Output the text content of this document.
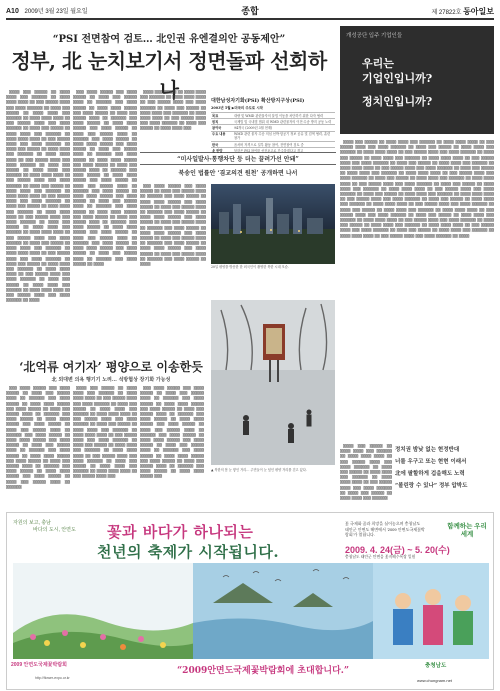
A10 2009년 3월 23일 월요일	종합	제 27822호 동아일보
“PSI 전면참여 검토… 北인권 유엔결의안 공동제안”
정부, 北 눈치보기서 정면돌파 선회하나

▒▒▒▒ ▒▒▒ ▒▒▒▒▒ ▒▒ ▒▒▒▒ ▒▒▒▒ ▒▒▒ ▒▒▒▒▒▒ ▒▒ ▒▒▒▒ ▒▒▒▒ ▒▒▒▒ ▒▒ ▒▒▒ ▒▒▒▒▒ ▒▒▒▒ ▒▒▒ ▒▒▒▒ ▒▒▒▒▒▒ ▒▒ ▒▒▒▒ ▒▒▒ ▒▒▒▒▒ ▒▒ ▒▒▒▒ ▒▒▒▒ ▒▒▒ ▒▒▒▒▒▒ ▒▒ ▒▒▒▒ ▒▒▒▒ ▒▒▒▒ ▒▒ ▒▒▒ ▒▒▒▒▒ ▒▒▒▒ ▒▒▒ ▒▒▒▒ ▒▒▒▒▒▒ ▒▒ ▒▒▒▒ ▒▒▒ ▒▒▒▒▒ ▒▒ ▒▒▒▒ ▒▒▒▒ ▒▒▒ ▒▒▒▒▒▒ ▒▒ ▒▒▒▒ ▒▒▒▒ ▒▒▒▒ ▒▒ ▒▒▒ ▒▒▒▒▒ ▒▒▒▒ ▒▒▒ ▒▒▒▒ ▒▒▒▒▒▒ ▒▒ ▒▒▒▒ ▒▒▒ ▒▒▒▒▒ ▒▒ ▒▒▒▒ ▒▒▒▒ ▒▒▒ ▒▒▒▒▒▒ ▒▒ ▒▒▒▒ ▒▒▒▒ ▒▒▒▒ ▒▒ ▒▒▒ ▒▒▒▒▒ ▒▒▒▒ ▒▒▒ ▒▒▒▒ ▒▒▒▒▒▒ ▒▒ ▒▒▒▒ ▒▒▒ ▒▒▒▒▒ ▒▒ ▒▒▒▒ ▒▒▒▒ ▒▒▒ ▒▒▒▒▒▒ ▒▒ ▒▒▒▒ ▒▒▒▒ ▒▒▒▒ ▒▒ ▒▒▒ ▒▒▒▒▒ ▒▒▒▒ ▒▒▒ ▒▒▒▒ ▒▒▒▒▒▒ ▒▒ ▒▒▒▒ ▒▒▒ ▒▒▒▒▒ ▒▒ ▒▒▒▒ ▒▒▒▒ ▒▒▒ ▒▒▒▒▒▒ ▒▒ ▒▒▒▒ ▒▒▒▒ ▒▒▒▒ ▒▒ ▒▒▒ ▒▒▒▒▒ ▒▒▒▒ ▒▒▒ ▒▒▒▒ ▒▒▒▒▒▒ ▒▒ ▒▒▒▒ ▒▒▒ ▒▒▒▒▒ ▒▒ ▒▒▒▒ ▒▒▒▒ ▒▒▒ ▒▒▒▒▒▒ ▒▒ ▒▒▒▒ ▒▒▒▒ ▒▒▒▒ ▒▒ ▒▒▒ ▒▒▒▒▒ ▒▒▒▒ ▒▒▒ ▒▒▒▒ ▒▒▒▒▒▒ ▒▒ ▒▒▒▒ ▒▒▒ ▒▒▒▒▒ ▒▒ ▒▒▒▒ ▒▒▒▒ ▒▒▒ ▒▒▒▒▒▒ ▒▒ ▒▒▒▒ ▒▒▒▒ ▒▒▒▒ ▒▒ ▒▒▒ ▒▒▒▒▒ ▒▒▒▒ ▒▒▒ ▒▒▒▒ ▒▒▒▒▒▒ ▒▒ ▒▒▒▒ ▒▒▒ ▒▒▒▒▒ ▒▒ ▒▒▒▒ ▒▒▒▒ ▒▒▒ ▒▒▒▒▒▒ ▒▒ ▒▒▒▒ ▒▒▒▒ ▒▒▒▒ ▒▒ ▒▒▒ ▒▒▒▒▒ ▒▒▒▒ ▒▒▒ ▒▒▒▒ ▒▒▒▒▒▒ ▒▒ ▒▒▒▒ ▒▒▒ ▒▒▒▒▒ ▒▒ ▒▒▒▒ ▒▒▒▒ ▒▒▒ ▒▒▒▒▒▒ ▒▒ ▒▒▒▒ ▒▒▒▒ ▒▒▒▒ ▒▒ ▒▒▒ ▒▒▒▒▒ ▒▒▒▒ ▒▒▒ ▒▒▒▒ ▒▒▒▒▒▒ ▒▒ ▒▒▒▒ ▒▒▒ ▒▒▒▒▒ ▒▒ ▒▒▒▒ ▒▒▒▒ ▒▒▒ ▒▒▒▒▒▒ ▒▒ ▒▒▒▒ ▒▒▒▒ ▒▒▒▒ ▒▒ ▒▒▒ ▒▒▒▒▒ ▒▒▒▒ ▒▒▒ ▒▒▒▒ ▒▒▒▒▒▒ ▒▒ ▒▒▒▒

▒▒▒ ▒▒▒▒ ▒▒▒▒▒ ▒▒▒ ▒▒▒▒ ▒▒▒▒▒ ▒▒ ▒▒▒▒ ▒▒▒ ▒▒▒▒▒ ▒▒▒▒ ▒▒ ▒▒▒▒▒▒ ▒▒▒ ▒▒▒▒ ▒▒▒▒▒ ▒▒ ▒▒▒▒ ▒▒▒▒ ▒▒▒▒▒ ▒▒▒ ▒▒▒▒ ▒▒▒▒▒ ▒▒ ▒▒▒▒ ▒▒▒ ▒▒▒▒▒ ▒▒▒▒ ▒▒ ▒▒▒▒▒▒ ▒▒▒ ▒▒▒▒ ▒▒▒▒▒ ▒▒ ▒▒▒▒ ▒▒▒▒ ▒▒▒▒▒ ▒▒▒ ▒▒▒▒ ▒▒▒▒▒ ▒▒ ▒▒▒▒ ▒▒▒ ▒▒▒▒▒ ▒▒▒▒ ▒▒ ▒▒▒▒▒▒ ▒▒▒ ▒▒▒▒ ▒▒▒▒▒ ▒▒ ▒▒▒▒ ▒▒▒▒ ▒▒▒▒▒ ▒▒▒ ▒▒▒▒ ▒▒▒▒▒ ▒▒ ▒▒▒▒ ▒▒▒ ▒▒▒▒▒ ▒▒▒▒ ▒▒ ▒▒▒▒▒▒ ▒▒▒ ▒▒▒▒ ▒▒▒▒▒ ▒▒ ▒▒▒▒ ▒▒▒▒ ▒▒▒▒▒ ▒▒▒ ▒▒▒▒ ▒▒▒▒▒ ▒▒ ▒▒▒▒ ▒▒▒ ▒▒▒▒▒ ▒▒▒▒ ▒▒ ▒▒▒▒▒▒ ▒▒▒ ▒▒▒▒ ▒▒▒▒▒ ▒▒ ▒▒▒▒ ▒▒▒▒ ▒▒▒▒▒ ▒▒▒ ▒▒▒▒ ▒▒▒▒▒ ▒▒ ▒▒▒▒ ▒▒▒ ▒▒▒▒▒ ▒▒▒▒ ▒▒ ▒▒▒▒▒▒ ▒▒▒ ▒▒▒▒ ▒▒▒▒▒ ▒▒ ▒▒▒▒ ▒▒▒▒ ▒▒▒▒▒ ▒▒▒ ▒▒▒▒ ▒▒▒▒▒ ▒▒ ▒▒▒▒ ▒▒▒ ▒▒▒▒▒ ▒▒▒▒ ▒▒ ▒▒▒▒▒▒ ▒▒▒ ▒▒▒▒ ▒▒▒▒▒ ▒▒ ▒▒▒▒ ▒▒▒▒ ▒▒▒▒▒ ▒▒▒ ▒▒▒▒ ▒▒▒▒▒ ▒▒ ▒▒▒▒ ▒▒▒ ▒▒▒▒▒ ▒▒▒▒ ▒▒ ▒▒▒▒▒▒ ▒▒▒ ▒▒▒▒ ▒▒▒▒▒ ▒▒ ▒▒▒▒ ▒▒▒▒ ▒▒▒▒▒ ▒▒▒ ▒▒▒▒ ▒▒▒▒▒ ▒▒ ▒▒▒▒ ▒▒▒ ▒▒▒▒▒ ▒▒▒▒ ▒▒ ▒▒▒▒▒▒ ▒▒▒ ▒▒▒▒ ▒▒▒▒▒ ▒▒ ▒▒▒▒ ▒▒▒▒ ▒▒▒▒▒ ▒▒▒ ▒▒▒▒ ▒▒▒▒▒ ▒▒ ▒▒▒▒ ▒▒▒ ▒▒▒▒▒ ▒▒▒▒ ▒▒ ▒▒▒▒▒▒ ▒▒▒ ▒▒▒▒ ▒▒▒▒▒ ▒▒ ▒▒▒▒

▒▒▒▒ ▒▒▒ ▒▒▒▒▒ ▒▒ ▒▒▒▒ ▒▒▒▒ ▒▒▒ ▒▒▒▒▒▒ ▒▒ ▒▒▒▒ ▒▒▒▒ ▒▒▒▒ ▒▒ ▒▒▒ ▒▒▒▒▒ ▒▒▒▒ ▒▒▒ ▒▒▒▒ ▒▒▒▒▒▒ ▒▒ ▒▒▒▒ ▒▒▒ ▒▒▒▒▒ ▒▒ ▒▒▒▒ ▒▒▒▒ ▒▒▒ ▒▒▒▒▒▒ ▒▒ ▒▒▒▒ ▒▒▒▒ ▒▒▒▒ ▒▒ ▒▒▒ ▒▒▒▒▒ ▒▒▒▒ ▒▒▒ ▒▒▒▒ ▒▒▒▒▒▒ ▒▒ ▒▒▒▒ ▒▒▒ ▒▒▒▒▒ ▒▒ ▒▒▒▒ ▒▒▒▒ ▒▒▒

“미사일발사·통행차단 등 더는 끌려가선 안돼”
북송인 법률안 ‘겸교의견 원천’ 공개하면 나서

▒▒▒ ▒▒▒▒ ▒▒▒▒▒ ▒▒▒ ▒▒▒▒ ▒▒▒▒▒ ▒▒ ▒▒▒▒ ▒▒▒ ▒▒▒▒▒ ▒▒▒▒ ▒▒ ▒▒▒▒▒▒ ▒▒▒ ▒▒▒▒ ▒▒▒▒▒ ▒▒ ▒▒▒▒ ▒▒▒▒ ▒▒▒▒▒ ▒▒▒ ▒▒▒▒ ▒▒▒▒▒ ▒▒ ▒▒▒▒ ▒▒▒ ▒▒▒▒▒ ▒▒▒▒ ▒▒ ▒▒▒▒▒▒ ▒▒▒ ▒▒▒▒ ▒▒▒▒▒ ▒▒ ▒▒▒▒ ▒▒▒▒ ▒▒▒▒▒ ▒▒▒ ▒▒▒▒ ▒▒▒▒▒ ▒▒ ▒▒▒▒ ▒▒▒ ▒▒▒▒▒ ▒▒▒▒ ▒▒ ▒▒▒▒▒▒ ▒▒▒ ▒▒▒▒ ▒▒▒▒▒ ▒▒ ▒▒▒▒ ▒▒▒▒ ▒▒▒▒▒ ▒▒▒ ▒▒▒▒ ▒▒▒▒▒ ▒▒ ▒▒▒▒ ▒▒▒ ▒▒▒▒▒ ▒▒▒▒ ▒▒ ▒▒▒▒▒▒ ▒▒▒ ▒▒▒▒ ▒▒▒▒▒ ▒▒ ▒▒▒▒ ▒▒▒▒ ▒▒▒▒▒ ▒▒▒ ▒▒▒▒ ▒▒▒▒▒ ▒▒ ▒▒▒▒ ▒▒▒ ▒▒▒▒▒ ▒▒▒▒ ▒▒ ▒▒▒▒▒▒ ▒▒▒ ▒▒▒▒ ▒▒▒▒▒ ▒▒ ▒▒▒▒

20일 평양을 방문한 한 외국인이 촬영한 북한 시내 모습.
대한남성자기화(PSI) 확산방지구상(PSI)
2003년 5월 ▶미국의 주도로 시작
목표	대량 및 WMD 관련물자의 불법 이동을 차단하기 위한 다자 협력
원칙	국제법 및 국내법 범위 내 WMD 관련물자의 이전·수송 방지 공동 노력
참여국	94개국 (2009년 3월 현재)
주요 내용	WMD 관련 물자 수송 의심 선박·항공기 정보 공유 및 검색 협력, 훈련 참가
한국	옵서버 자격으로 일부 활동 참여, 전면참여 검토 중
北 반발	북한은 PSI 참여를 선전포고로 간주하겠다고 경고
개성공단 입주 기업인들
우리는
기업인입니까?
정치인입니까?

▒▒▒▒ ▒▒▒ ▒▒▒▒▒ ▒▒ ▒▒▒▒ ▒▒▒▒ ▒▒▒ ▒▒▒▒▒▒ ▒▒ ▒▒▒▒ ▒▒▒▒ ▒▒▒▒ ▒▒ ▒▒▒ ▒▒▒▒▒ ▒▒▒▒ ▒▒▒ ▒▒▒▒ ▒▒▒▒▒▒ ▒▒ ▒▒▒▒ ▒▒▒ ▒▒▒▒▒ ▒▒ ▒▒▒▒ ▒▒▒▒ ▒▒▒ ▒▒▒▒▒▒ ▒▒ ▒▒▒▒ ▒▒▒▒ ▒▒▒▒ ▒▒ ▒▒▒ ▒▒▒▒▒ ▒▒▒▒ ▒▒▒ ▒▒▒▒ ▒▒▒▒▒▒ ▒▒ ▒▒▒▒ ▒▒▒ ▒▒▒▒▒ ▒▒ ▒▒▒▒ ▒▒▒▒ ▒▒▒ ▒▒▒▒▒▒ ▒▒ ▒▒▒▒ ▒▒▒▒ ▒▒▒▒ ▒▒ ▒▒▒ ▒▒▒▒▒ ▒▒▒▒ ▒▒▒ ▒▒▒▒ ▒▒▒▒▒▒ ▒▒ ▒▒▒▒ ▒▒▒ ▒▒▒▒▒ ▒▒ ▒▒▒▒ ▒▒▒▒ ▒▒▒ ▒▒▒▒▒▒ ▒▒ ▒▒▒▒ ▒▒▒▒ ▒▒▒▒ ▒▒ ▒▒▒ ▒▒▒▒▒ ▒▒▒▒ ▒▒▒ ▒▒▒▒ ▒▒▒▒▒▒ ▒▒ ▒▒▒▒ ▒▒▒ ▒▒▒▒▒ ▒▒ ▒▒▒▒ ▒▒▒▒ ▒▒▒ ▒▒▒▒▒▒ ▒▒ ▒▒▒▒ ▒▒▒▒ ▒▒▒▒ ▒▒ ▒▒▒ ▒▒▒▒▒ ▒▒▒▒ ▒▒▒ ▒▒▒▒ ▒▒▒▒▒▒ ▒▒ ▒▒▒▒ ▒▒▒ ▒▒▒▒▒ ▒▒ ▒▒▒▒ ▒▒▒▒ ▒▒▒ ▒▒▒▒▒▒ ▒▒ ▒▒▒▒ ▒▒▒▒ ▒▒▒▒ ▒▒ ▒▒▒ ▒▒▒▒▒ ▒▒▒▒ ▒▒▒ ▒▒▒▒ ▒▒▒▒▒▒ ▒▒ ▒▒▒▒ ▒▒▒ ▒▒▒▒▒ ▒▒ ▒▒▒▒ ▒▒▒▒ ▒▒▒ ▒▒▒▒▒▒ ▒▒ ▒▒▒▒ ▒▒▒▒ ▒▒▒▒ ▒▒ ▒▒▒ ▒▒▒▒▒ ▒▒▒▒ ▒▒▒ ▒▒▒▒ ▒▒▒▒▒▒ ▒▒ ▒▒▒▒ ▒▒▒ ▒▒▒▒▒ ▒▒ ▒▒▒▒ ▒▒▒▒ ▒▒▒ ▒▒▒▒▒▒ ▒▒ ▒▒▒▒ ▒▒▒▒ ▒▒▒▒ ▒▒ ▒▒▒ ▒▒▒▒▒ ▒▒▒▒ ▒▒▒ ▒▒▒▒ ▒▒▒▒▒▒ ▒▒ ▒▒▒▒ ▒▒▒ ▒▒▒▒▒ ▒▒ ▒▒▒▒ ▒▒▒▒ ▒▒▒ ▒▒▒▒▒▒ ▒▒ ▒▒▒▒ ▒▒▒▒ ▒▒▒▒ ▒▒ ▒▒▒ ▒▒▒▒▒ ▒▒▒▒ ▒▒▒ ▒▒▒▒ ▒▒▒▒▒▒ ▒▒ ▒▒▒▒ ▒▒▒ ▒▒▒▒▒ ▒▒ ▒▒▒▒ ▒▒▒▒ ▒▒▒ ▒▒▒▒▒▒ ▒▒ ▒▒▒▒ ▒▒▒▒ ▒▒▒▒ ▒▒ ▒▒▒ ▒▒▒▒▒ ▒▒▒▒ ▒▒▒ ▒▒▒▒ ▒▒▒▒▒▒ ▒▒ ▒▒▒▒ ▒▒▒ ▒▒▒▒▒ ▒▒ ▒▒▒▒ ▒▒▒▒ ▒▒▒ ▒▒▒▒▒▒ ▒▒ ▒▒▒▒ ▒▒▒▒ ▒▒▒▒ ▒▒ ▒▒▒ ▒▒▒▒▒ ▒▒▒▒ ▒▒▒ ▒▒▒▒ ▒▒▒▒▒▒ ▒▒ ▒▒▒▒ ▒▒▒ ▒▒▒▒▒ ▒▒ ▒▒▒▒ ▒▒▒▒ ▒▒▒ ▒▒▒▒▒▒ ▒▒ ▒▒▒▒ ▒▒▒▒ ▒▒▒▒ ▒▒ ▒▒▒ ▒▒▒▒▒ ▒▒▒▒ ▒▒▒ ▒▒▒▒ ▒▒▒▒▒▒ ▒▒ ▒▒▒▒ ▒▒▒ ▒▒▒▒▒ ▒▒ ▒▒▒▒ ▒▒▒▒ ▒▒▒ ▒▒▒▒▒▒ ▒▒ ▒▒▒▒ ▒▒▒▒ ▒▒▒▒ ▒▒ ▒▒▒ ▒▒▒▒▒ ▒▒▒▒ ▒▒▒ ▒▒▒▒ ▒▒▒▒▒▒ ▒▒ ▒▒▒▒

정치권 밤낮 없는 현정반대
너를 우구고 또는 현현 이래서
北에 팔할하게 겁을해도 노력
“볼린랑 수 있나” 정부 압박도

▒▒▒▒ ▒▒▒ ▒▒▒▒▒ ▒▒ ▒▒▒▒ ▒▒▒▒ ▒▒▒ ▒▒▒▒▒▒ ▒▒ ▒▒▒▒ ▒▒▒▒ ▒▒▒▒ ▒▒ ▒▒▒ ▒▒▒▒▒ ▒▒▒▒ ▒▒▒ ▒▒▒▒ ▒▒▒▒▒▒ ▒▒ ▒▒▒▒ ▒▒▒ ▒▒▒▒▒ ▒▒ ▒▒▒▒ ▒▒▒▒ ▒▒▒ ▒▒▒▒▒▒ ▒▒ ▒▒▒▒ ▒▒▒▒ ▒▒▒▒ ▒▒ ▒▒▒ ▒▒▒▒▒ ▒▒▒▒ ▒▒▒ ▒▒▒▒ ▒▒▒▒▒▒ ▒▒ ▒▒▒▒ ▒▒▒ ▒▒▒▒▒ ▒▒ ▒▒▒▒ ▒▒▒▒ ▒▒▒ ▒▒▒▒▒▒

‘北억류 여기자’ 평양으로 이송한듯
北 외대변 의욕 행기기 노려… 석방협상 장기화 가능성

▒▒▒ ▒▒▒▒ ▒▒▒▒▒ ▒▒▒ ▒▒▒▒ ▒▒▒▒▒ ▒▒ ▒▒▒▒ ▒▒▒ ▒▒▒▒▒ ▒▒▒▒ ▒▒ ▒▒▒▒▒▒ ▒▒▒ ▒▒▒▒ ▒▒▒▒▒ ▒▒ ▒▒▒▒ ▒▒▒▒ ▒▒▒▒▒ ▒▒▒ ▒▒▒▒ ▒▒▒▒▒ ▒▒ ▒▒▒▒ ▒▒▒ ▒▒▒▒▒ ▒▒▒▒ ▒▒ ▒▒▒▒▒▒ ▒▒▒ ▒▒▒▒ ▒▒▒▒▒ ▒▒ ▒▒▒▒ ▒▒▒▒ ▒▒▒▒▒ ▒▒▒ ▒▒▒▒ ▒▒▒▒▒ ▒▒ ▒▒▒▒ ▒▒▒ ▒▒▒▒▒ ▒▒▒▒ ▒▒ ▒▒▒▒▒▒ ▒▒▒ ▒▒▒▒ ▒▒▒▒▒ ▒▒ ▒▒▒▒ ▒▒▒▒ ▒▒▒▒▒ ▒▒▒ ▒▒▒▒ ▒▒▒▒▒ ▒▒ ▒▒▒▒ ▒▒▒ ▒▒▒▒▒ ▒▒▒▒ ▒▒ ▒▒▒▒▒▒ ▒▒▒ ▒▒▒▒ ▒▒▒▒▒ ▒▒ ▒▒▒▒ ▒▒▒▒ ▒▒▒▒▒ ▒▒▒ ▒▒▒▒ ▒▒▒▒▒ ▒▒ ▒▒▒▒ ▒▒▒ ▒▒▒▒▒ ▒▒▒▒ ▒▒ ▒▒▒▒▒▒ ▒▒▒ ▒▒▒▒ ▒▒▒▒▒ ▒▒ ▒▒▒▒ ▒▒▒▒ ▒▒▒▒▒ ▒▒▒ ▒▒▒▒ ▒▒▒▒▒ ▒▒ ▒▒▒▒ ▒▒▒ ▒▒▒▒▒ ▒▒▒▒ ▒▒ ▒▒▒▒▒▒

▒▒▒▒ ▒▒▒ ▒▒▒▒▒ ▒▒ ▒▒▒▒ ▒▒▒▒ ▒▒▒ ▒▒▒▒▒▒ ▒▒ ▒▒▒▒ ▒▒▒▒ ▒▒▒▒ ▒▒ ▒▒▒ ▒▒▒▒▒ ▒▒▒▒ ▒▒▒ ▒▒▒▒ ▒▒▒▒▒▒ ▒▒ ▒▒▒▒ ▒▒▒ ▒▒▒▒▒ ▒▒ ▒▒▒▒ ▒▒▒▒ ▒▒▒ ▒▒▒▒▒▒ ▒▒ ▒▒▒▒ ▒▒▒▒ ▒▒▒▒ ▒▒ ▒▒▒ ▒▒▒▒▒ ▒▒▒▒ ▒▒▒ ▒▒▒▒ ▒▒▒▒▒▒ ▒▒ ▒▒▒▒ ▒▒▒ ▒▒▒▒▒ ▒▒ ▒▒▒▒ ▒▒▒▒ ▒▒▒ ▒▒▒▒▒▒ ▒▒ ▒▒▒▒ ▒▒▒▒ ▒▒▒▒ ▒▒ ▒▒▒ ▒▒▒▒▒ ▒▒▒▒ ▒▒▒ ▒▒▒▒ ▒▒▒▒▒▒ ▒▒ ▒▒▒▒ ▒▒▒ ▒▒▒▒▒ ▒▒ ▒▒▒▒ ▒▒▒▒ ▒▒▒ ▒▒▒▒▒▒ ▒▒ ▒▒▒▒ ▒▒▒▒ ▒▒▒▒ ▒▒ ▒▒▒ ▒▒▒▒▒ ▒▒▒▒ ▒▒▒ ▒▒▒▒ ▒▒▒▒▒▒ ▒▒ ▒▒▒▒ ▒▒▒ ▒▒▒▒▒ ▒▒ ▒▒▒▒ ▒▒▒▒ ▒▒▒ ▒▒▒▒▒▒ ▒▒ ▒▒▒▒ ▒▒▒▒ ▒▒▒▒ ▒▒ ▒▒▒ ▒▒▒▒▒ ▒▒▒▒ ▒▒▒

▒▒▒ ▒▒▒▒ ▒▒▒▒▒ ▒▒▒ ▒▒▒▒ ▒▒▒▒▒ ▒▒ ▒▒▒▒ ▒▒▒ ▒▒▒▒▒ ▒▒▒▒ ▒▒ ▒▒▒▒▒▒ ▒▒▒ ▒▒▒▒ ▒▒▒▒▒ ▒▒ ▒▒▒▒ ▒▒▒▒ ▒▒▒▒▒ ▒▒▒ ▒▒▒▒ ▒▒▒▒▒ ▒▒ ▒▒▒▒ ▒▒▒ ▒▒▒▒▒ ▒▒▒▒ ▒▒ ▒▒▒▒▒▒ ▒▒▒ ▒▒▒▒ ▒▒▒▒▒ ▒▒ ▒▒▒▒ ▒▒▒▒ ▒▒▒▒▒ ▒▒▒ ▒▒▒▒ ▒▒▒▒▒ ▒▒ ▒▒▒▒ ▒▒▒ ▒▒▒▒▒ ▒▒▒▒ ▒▒ ▒▒▒▒▒▒ ▒▒▒ ▒▒▒▒ ▒▒▒▒▒ ▒▒ ▒▒▒▒ ▒▒▒▒ ▒▒▒▒▒ ▒▒▒ ▒▒▒▒ ▒▒▒▒▒ ▒▒ ▒▒▒▒ ▒▒▒ ▒▒▒▒▒ ▒▒▒▒ ▒▒ ▒▒▒▒▒▒ ▒▒▒ ▒▒▒▒ ▒▒▒▒▒ ▒▒ ▒▒▒▒ ▒▒▒▒ ▒▒▒▒▒ ▒▒▒ ▒▒▒▒ ▒▒▒▒▒ ▒▒ ▒▒▒▒ ▒▒▒ ▒▒▒▒▒ ▒▒▒▒ ▒▒ ▒▒▒▒▒▒ ▒▒▒ ▒▒▒▒ ▒▒▒▒▒ ▒▒ ▒▒▒▒ ▒▒▒▒ ▒▒▒▒▒ ▒▒▒

▲ 북한의 봄 눈 쌓인 거리… 주민들이 눈 덮인 평양 거리를 걷고 있다.
자원의 보고, 충남
바다의 도시, 안면도 꽃과 바다가 하나되는
천년의 축제가 시작됩니다.
꽃 국제화 꿈과 희망을 심어놓으며 충청남도 태안군 안면도 해변에서 '2009 안면도국제꽃박람회'가 열립니다.
2009. 4. 24(금) ~ 5. 20(수)
충청남도 태안군 안면읍 꽃지해수욕장 일원
함께하는 우리세계
2009 안면도국제꽃박람회
http://flower-expo.or.kr
“2009안면도국제꽃박람회에 초대합니다.”	충청남도
www.chungnam.net
